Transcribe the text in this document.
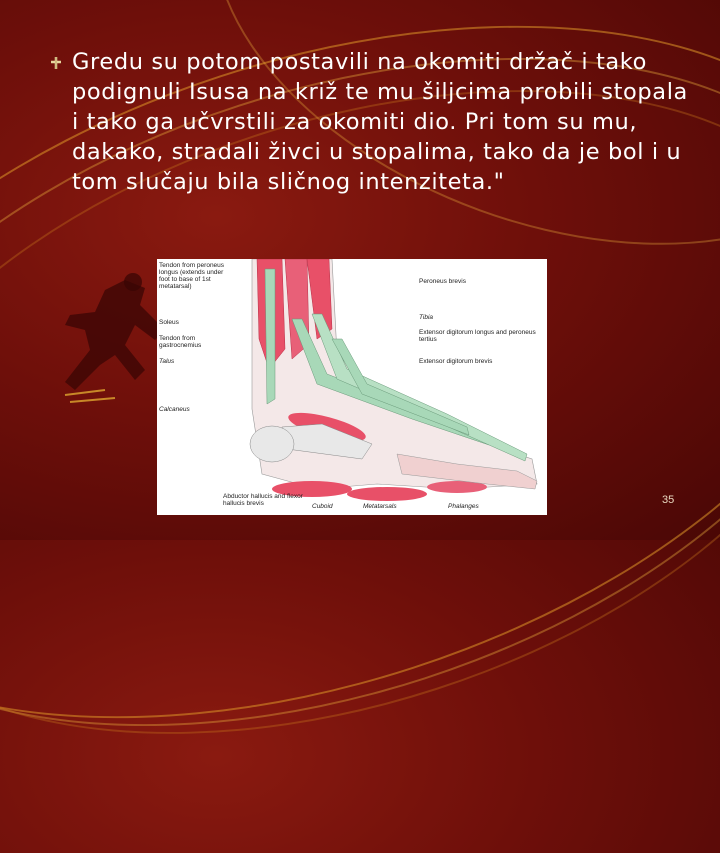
Gredu su potom postavili na okomiti držač i tako podignuli Isusa na križ te mu šiljcima probili stopala i tako ga učvrstili za okomiti dio. Pri tom su mu, dakako, stradali živci u stopalima, tako da je bol i u tom slučaju bila sličnog intenziteta."
Tendon from peroneus longus (extends under foot to base of 1st metatarsal)
Soleus
Tendon from gastrocnemius
Talus
Calcaneus
Peroneus brevis
Tibia
Extensor digitorum longus and peroneus tertius
Extensor digitorum brevis
Abductor hallucis and flexor hallucis brevis	Cuboid	Metatarsals	Phalanges
35
